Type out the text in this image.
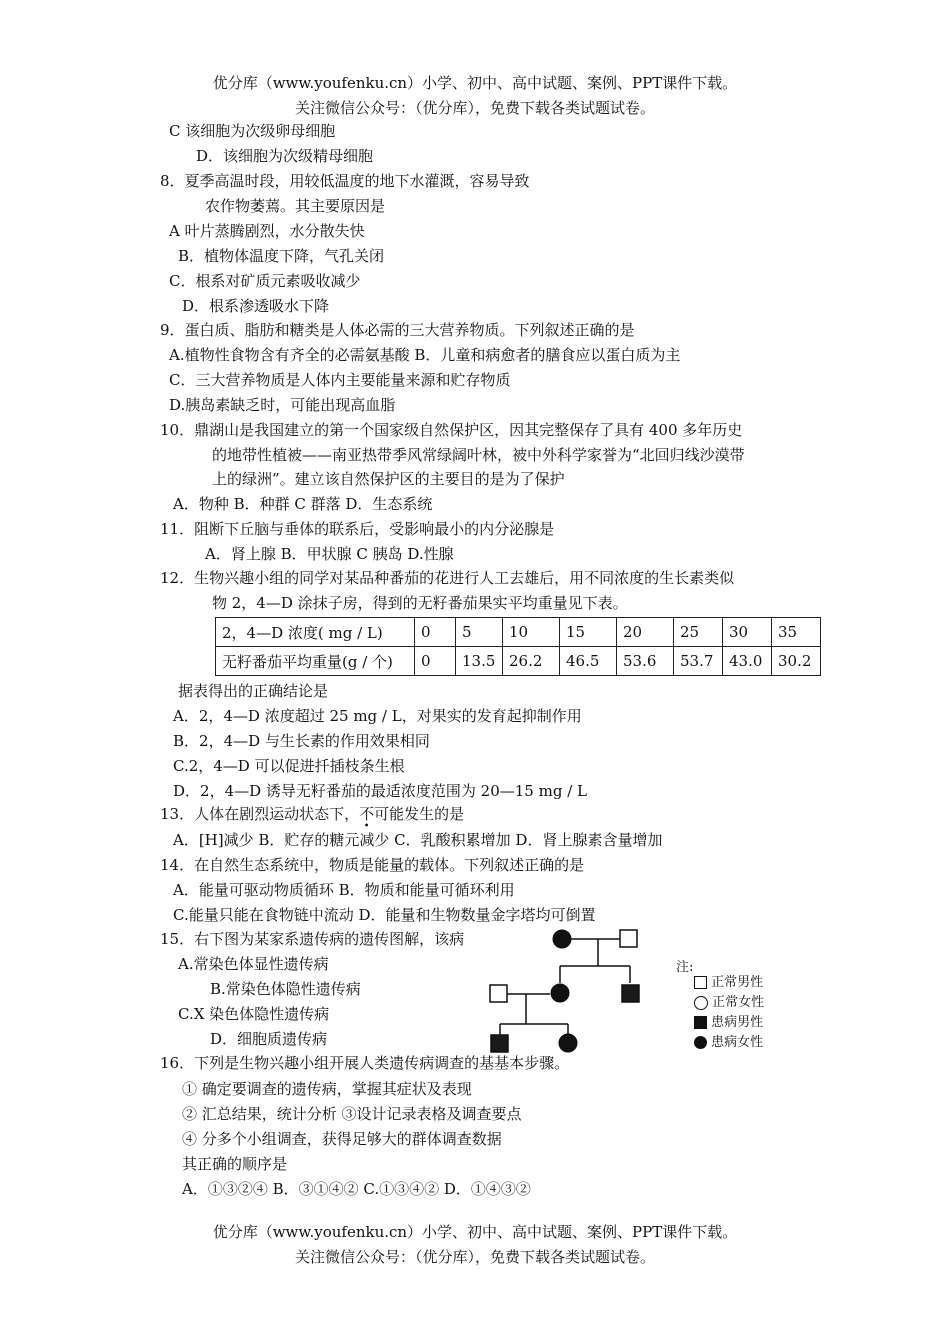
优分库（www.youfenku.cn）小学、初中、高中试题、案例、PPT课件下载。
关注微信公众号：（优分库），免费下载各类试题试卷。
C 该细胞为次级卵母细胞
D．该细胞为次级精母细胞
8．夏季高温时段，用较低温度的地下水灌溉，容易导致
农作物萎蔫。其主要原因是
A 叶片蒸腾剧烈，水分散失快
B．植物体温度下降，气孔关闭
C．根系对矿质元素吸收减少
D．根系渗透吸水下降
9．蛋白质、脂肪和糖类是人体必需的三大营养物质。下列叙述正确的是
A.植物性食物含有齐全的必需氨基酸 B．儿童和病愈者的膳食应以蛋白质为主
C．三大营养物质是人体内主要能量来源和贮存物质
D.胰岛素缺乏时，可能出现高血脂
10．鼎湖山是我国建立的第一个国家级自然保护区，因其完整保存了具有 400 多年历史
的地带性植被——南亚热带季风常绿阔叶林，被中外科学家誉为“北回归线沙漠带
上的绿洲”。建立该自然保护区的主要目的是为了保护
A．物种 B．种群 C 群落 D．生态系统
11．阻断下丘脑与垂体的联系后，受影响最小的内分泌腺是
A．肾上腺 B．甲状腺 C 胰岛 D.性腺
12．生物兴趣小组的同学对某品种番茄的花进行人工去雄后，用不同浓度的生长素类似
物 2，4—D 涂抹子房，得到的无籽番茄果实平均重量见下表。
2，4—D 浓度( mg / L)	0	5	10	15	20	25	30	35
无籽番茄平均重量(g / 个)	0	13.5	26.2	46.5	53.6	53.7	43.0	30.2
据表得出的正确结论是
A．2，4—D 浓度超过 25 mg / L，对果实的发育起抑制作用
B．2，4—D 与生长素的作用效果相同
C.2，4—D 可以促进扦插枝条生根
D．2，4—D 诱导无籽番茄的最适浓度范围为 20—15 mg / L
13．人体在剧烈运动状态下，不可能发生的是
A．[H]减少 B．贮存的糖元减少 C．乳酸积累增加 D．肾上腺素含量增加
14．在自然生态系统中，物质是能量的载体。下列叙述正确的是
A．能量可驱动物质循环 B．物质和能量可循环利用
C.能量只能在食物链中流动 D．能量和生物数量金字塔均可倒置
15．右下图为某家系遗传病的遗传图解，该病
A.常染色体显性遗传病
B.常染色体隐性遗传病
C.X 染色体隐性遗传病
D．细胞质遗传病
注:
正常男性
正常女性
患病男性
患病女性
16．下列是生物兴趣小组开展人类遗传病调查的基基本步骤。
① 确定要调查的遗传病，掌握其症状及表现
② 汇总结果，统计分析 ③设计记录表格及调查要点
④ 分多个小组调查，获得足够大的群体调查数据
其正确的顺序是
A．①③②④ B．③①④② C.①③④② D．①④③②
优分库（www.youfenku.cn）小学、初中、高中试题、案例、PPT课件下载。
关注微信公众号：（优分库），免费下载各类试题试卷。
